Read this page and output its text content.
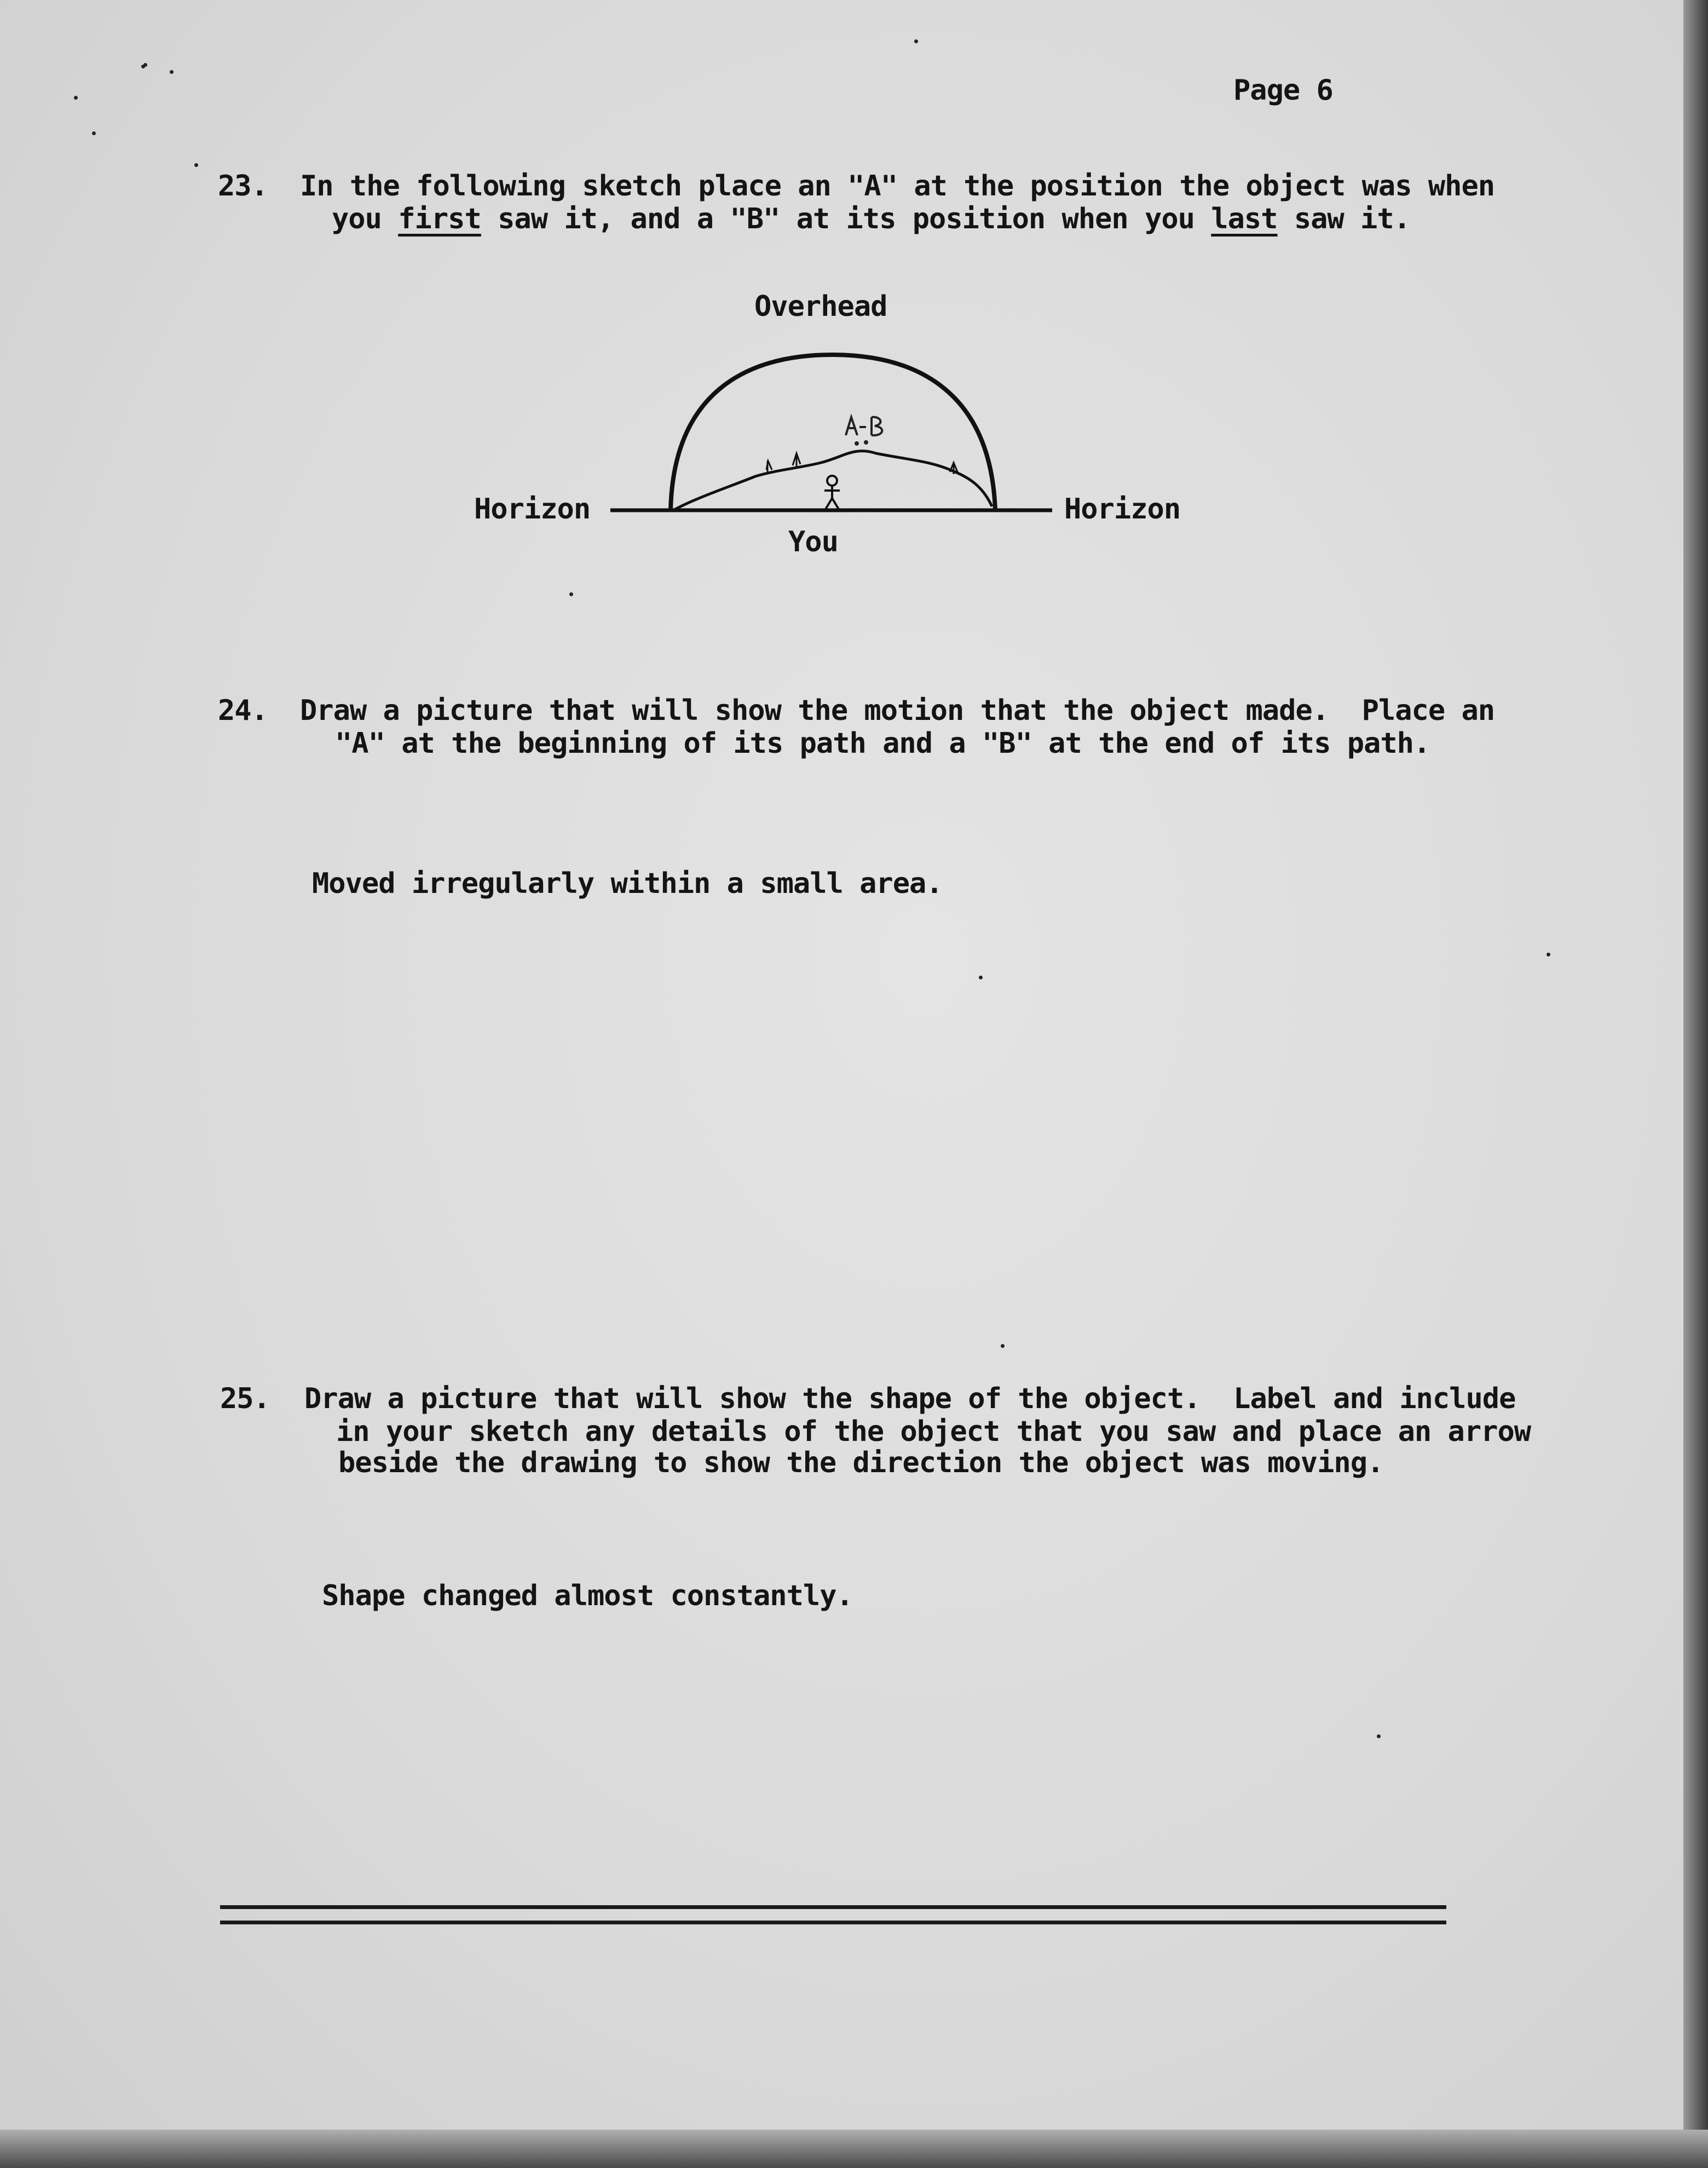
Page 6
23. In the following sketch place an "A" at the position the object was when
you first saw it, and a "B" at its position when you last saw it.
Overhead
Horizon	Horizon
You
24. Draw a picture that will show the motion that the object made.  Place an
"A" at the beginning of its path and a "B" at the end of its path.
Moved irregularly within a small area.
25. Draw a picture that will show the shape of the object.  Label and include
in your sketch any details of the object that you saw and place an arrow
beside the drawing to show the direction the object was moving.
Shape changed almost constantly.
